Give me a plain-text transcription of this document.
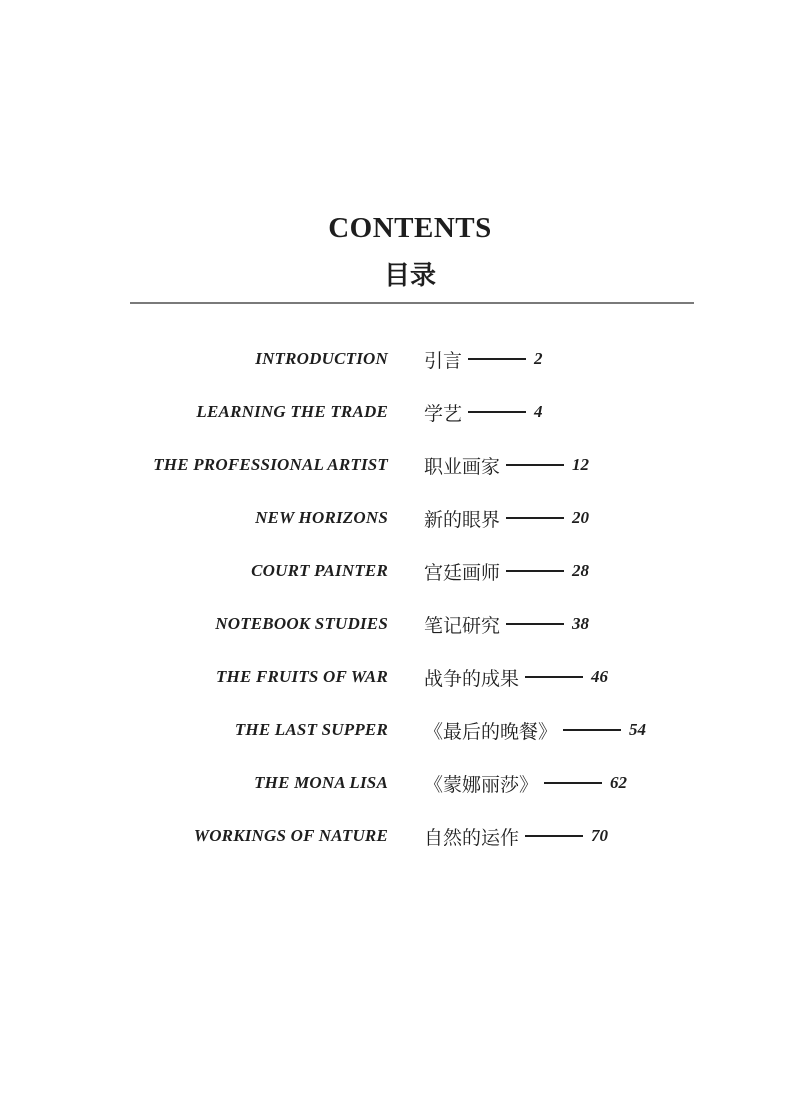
CONTENTS
目录
INTRODUCTION 引言	2
LEARNING THE TRADE 学艺	4
THE PROFESSIONAL ARTIST 职业画家	12
NEW HORIZONS 新的眼界	20
COURT PAINTER 宫廷画师	28
NOTEBOOK STUDIES 笔记研究	38
THE FRUITS OF WAR 战争的成果	46
THE LAST SUPPER 《最后的晚餐》	54
THE MONA LISA 《蒙娜丽莎》	62
WORKINGS OF NATURE 自然的运作	70
